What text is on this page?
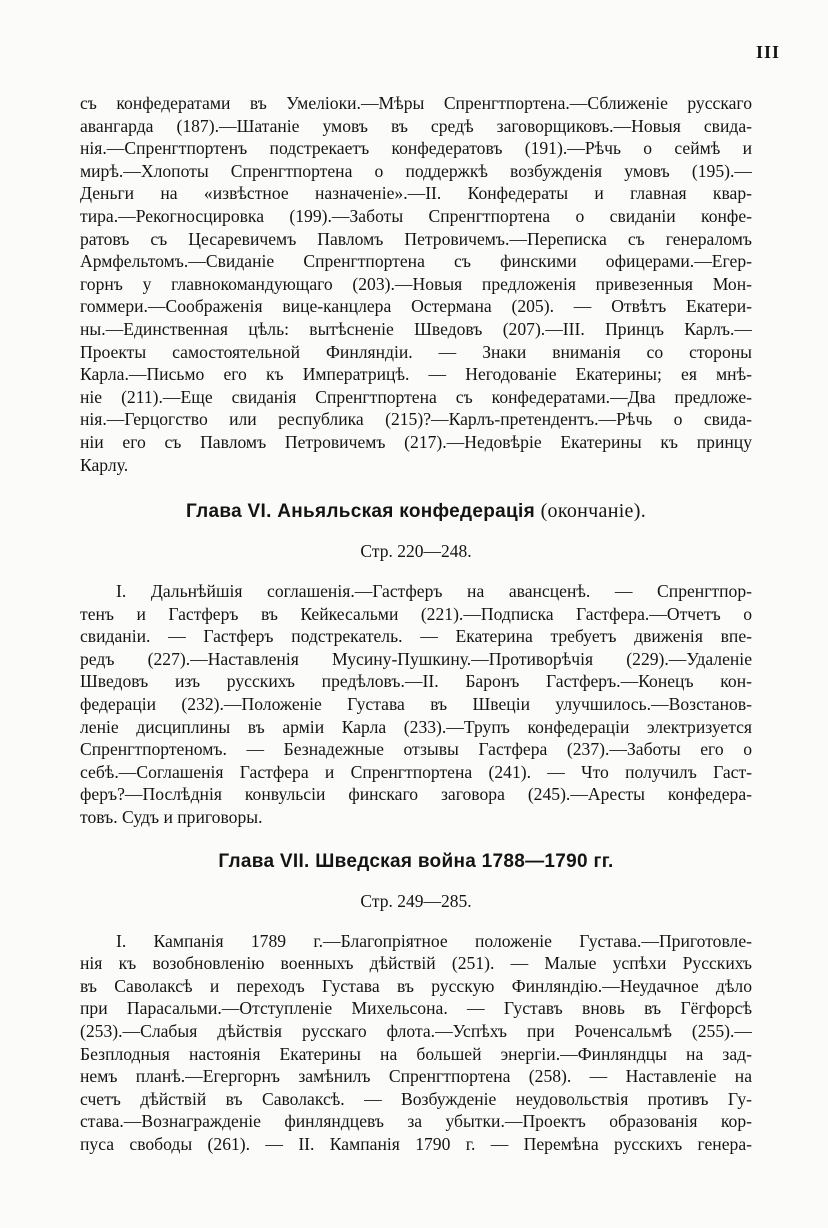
III

съ конфедератами въ Умеліоки.—Мѣры Спренгтпортена.—Сближеніе русскаго
авангарда (187).—Шатаніе умовъ въ средѣ заговорщиковъ.—Новыя свида-
нія.—Спренгтпортенъ подстрекаетъ конфедератовъ (191).—Рѣчь о сеймѣ и
мирѣ.—Хлопоты Спренгтпортена о поддержкѣ возбужденія умовъ (195).—
Деньги на «извѣстное назначеніе».—II. Конфедераты и главная квар-
тира.—Рекогносцировка (199).—Заботы Спренгтпортена о свиданіи конфе-
ратовъ съ Цесаревичемъ Павломъ Петровичемъ.—Переписка съ генераломъ
Армфельтомъ.—Свиданіе Спренгтпортена съ финскими офицерами.—Егер-
горнъ у главнокомандующаго (203).—Новыя предложенія привезенныя Мон-
гоммери.—Соображенія вице-канцлера Остермана (205). — Отвѣтъ Екатери-
ны.—Единственная цѣль: вытѣсненіе Шведовъ (207).—III. Принцъ Карлъ.—
Проекты самостоятельной Финляндіи. — Знаки вниманія со стороны
Карла.—Письмо его къ Императрицѣ. — Негодованіе Екатерины; ея мнѣ-
ніе (211).—Еще свиданія Спренгтпортена съ конфедератами.—Два предложе-
нія.—Герцогство или республика (215)?—Карлъ-претендентъ.—Рѣчь о свида-
ніи его съ Павломъ Петровичемъ (217).—Недовѣріе Екатерины къ принцу
Карлу.

Глава VI. Аньяльская конфедерація (окончаніе).

Стр. 220—248.

I. Дальнѣйшія соглашенія.—Гастферъ на авансценѣ. — Спренгтпор-
тенъ и Гастферъ въ Кейкесальми (221).—Подписка Гастфера.—Отчетъ о
свиданіи. — Гастферъ подстрекатель. — Екатерина требуетъ движенія впе-
редъ (227).—Наставленія Мусину-Пушкину.—Противорѣчія (229).—Удаленіе
Шведовъ изъ русскихъ предѣловъ.—II. Баронъ Гастферъ.—Конецъ кон-
федераціи (232).—Положеніе Густава въ Швеціи улучшилось.—Возстанов-
леніе дисциплины въ арміи Карла (233).—Трупъ конфедераціи электризуется
Спренгтпортеномъ. — Безнадежные отзывы Гастфера (237).—Заботы его о
себѣ.—Соглашенія Гастфера и Спренгтпортена (241). — Что получилъ Гаст-
феръ?—Послѣднія конвульсіи финскаго заговора (245).—Аресты конфедера-
товъ. Судъ и приговоры.

Глава VII. Шведская война 1788—1790 гг.

Стр. 249—285.

I. Кампанія 1789 г.—Благопріятное положеніе Густава.—Приготовле-
нія къ возобновленію военныхъ дѣйствій (251). — Малые успѣхи Русскихъ
въ Саволаксѣ и переходъ Густава въ русскую Финляндію.—Неудачное дѣло
при Парасальми.—Отступленіе Михельсона. — Густавъ вновь въ Гёгфорсѣ
(253).—Слабыя дѣйствія русскаго флота.—Успѣхъ при Роченсальмѣ (255).—
Безплодныя настоянія Екатерины на большей энергіи.—Финляндцы на зад-
немъ планѣ.—Егергорнъ замѣнилъ Спренгтпортена (258). — Наставленіе на
счетъ дѣйствій въ Саволаксѣ. — Возбужденіе неудовольствія противъ Гу-
става.—Вознагражденіе финляндцевъ за убытки.—Проектъ образованія кор-
пуса свободы (261). — II. Кампанія 1790 г. — Перемѣна русскихъ генера-
